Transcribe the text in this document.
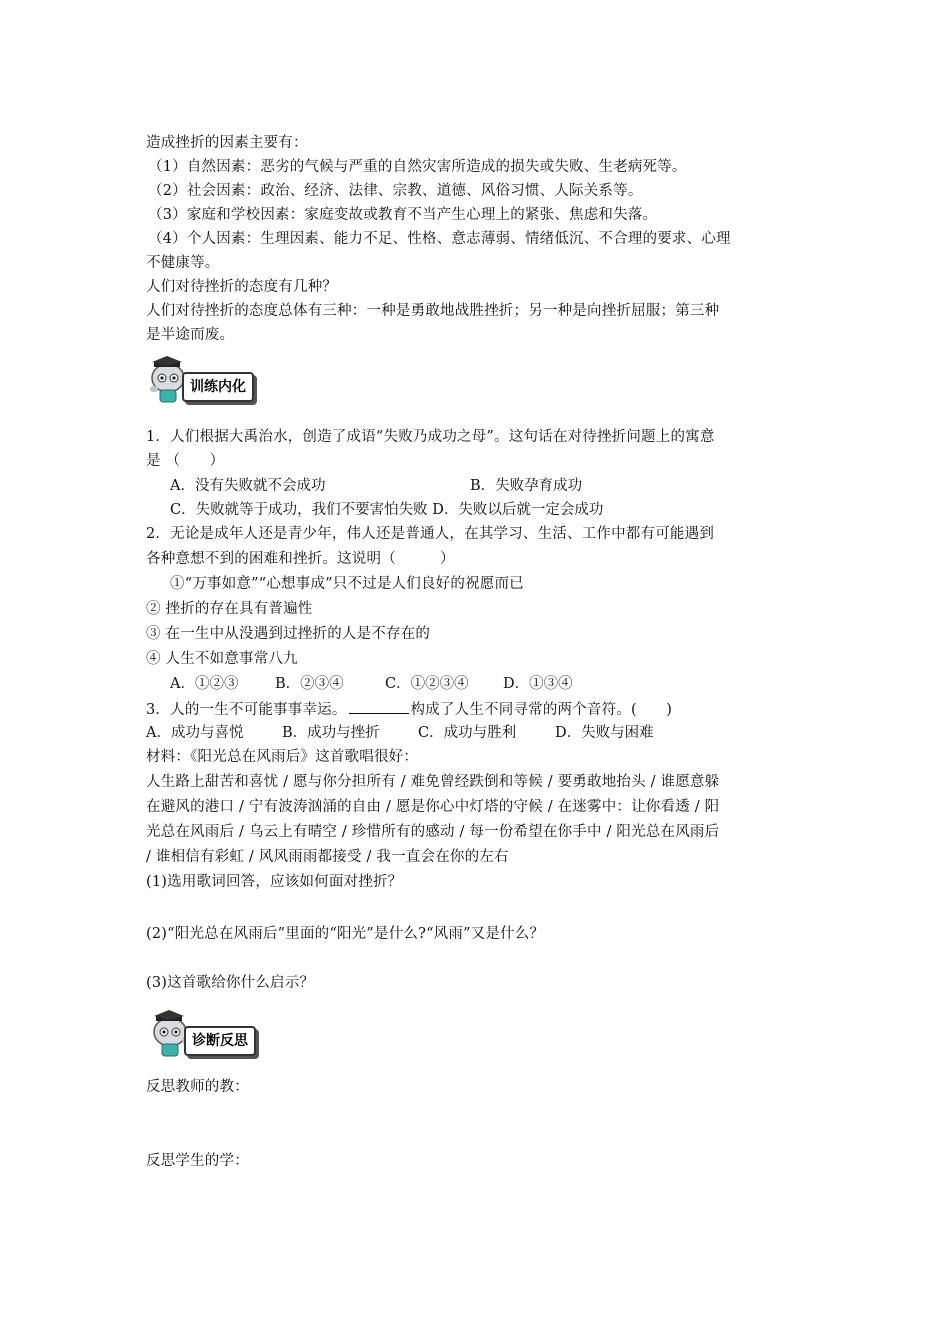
造成挫折的因素主要有：
（1）自然因素：恶劣的气候与严重的自然灾害所造成的损失或失败、生老病死等。
（2）社会因素：政治、经济、法律、宗教、道德、风俗习惯、人际关系等。
（3）家庭和学校因素：家庭变故或教育不当产生心理上的紧张、焦虑和失落。
（4）个人因素：生理因素、能力不足、性格、意志薄弱、情绪低沉、不合理的要求、心理
不健康等。
人们对待挫折的态度有几种？
人们对待挫折的态度总体有三种：一种是勇敢地战胜挫折；另一种是向挫折屈服；第三种
是半途而废。
训练内化
1．人们根据大禹治水，创造了成语“失败乃成功之母”。这句话在对待挫折问题上的寓意
是 （　　）
A．没有失败就不会成功	B．失败孕育成功
C．失败就等于成功，我们不要害怕失败 D．失败以后就一定会成功
2．无论是成年人还是青少年，伟人还是普通人，在其学习、生活、工作中都有可能遇到
各种意想不到的困难和挫折。这说明（　　　）
①“万事如意”“心想事成”只不过是人们良好的祝愿而已
② 挫折的存在具有普遍性
③ 在一生中从没遇到过挫折的人是不存在的
④ 人生不如意事常八九
A．①②③	B．②③④	C．①②③④ D．①③④
3．人的一生不可能事事幸运。	构成了人生不同寻常的两个音符。(　　)
A．成功与喜悦	B．成功与挫折	C．成功与胜利	D．失败与困难
材料：《阳光总在风雨后》这首歌唱很好：
人生路上甜苦和喜忧 / 愿与你分担所有 / 难免曾经跌倒和等候 / 要勇敢地抬头 / 谁愿意躲
在避风的港口 / 宁有波涛汹涌的自由 / 愿是你心中灯塔的守候 / 在迷雾中：让你看透 / 阳
光总在风雨后 / 乌云上有晴空 / 珍惜所有的感动 / 每一份希望在你手中 / 阳光总在风雨后
/ 谁相信有彩虹 / 风风雨雨都接受 / 我一直会在你的左右
(1)选用歌词回答，应该如何面对挫折？
(2)“阳光总在风雨后”里面的“阳光”是什么?“风雨”又是什么？
(3)这首歌给你什么启示？
诊断反思
反思教师的教：
反思学生的学：
